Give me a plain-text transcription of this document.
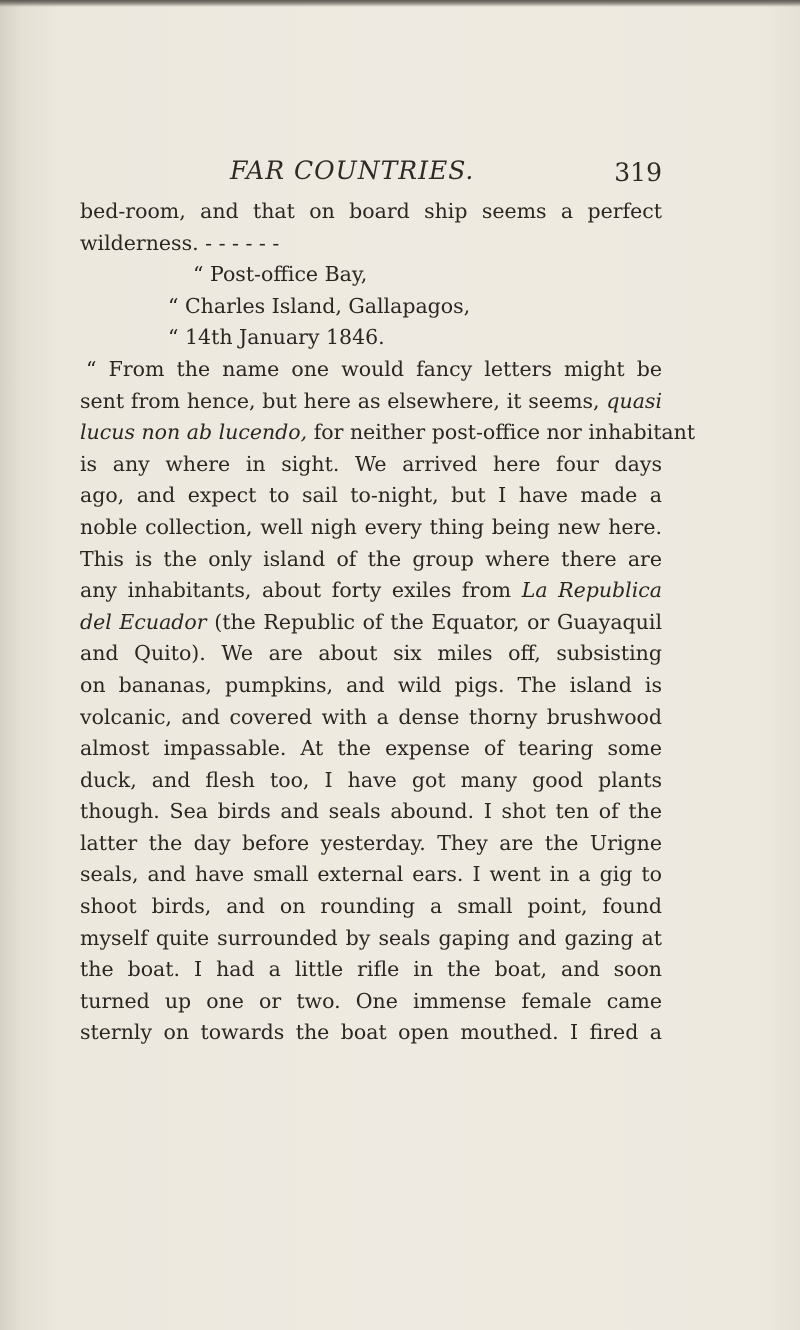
FAR COUNTRIES.	319
bed-room, and that on board ship seems a perfect
wilderness. - - - - - -
“ Post-office Bay,
“ Charles Island, Gallapagos,
“ 14th January 1846.
“ From the name one would fancy letters might be
sent from hence, but here as elsewhere, it seems, quasi
lucus non ab lucendo, for neither post-office nor inhabitant
is any where in sight. We arrived here four days
ago, and expect to sail to-night, but I have made a
noble collection, well nigh every thing being new here.
This is the only island of the group where there are
any inhabitants, about forty exiles from La Republica
del Ecuador (the Republic of the Equator, or Guayaquil
and Quito). We are about six miles off, subsisting
on bananas, pumpkins, and wild pigs. The island is
volcanic, and covered with a dense thorny brushwood
almost impassable. At the expense of tearing some
duck, and flesh too, I have got many good plants
though. Sea birds and seals abound. I shot ten of the
latter the day before yesterday. They are the Urigne
seals, and have small external ears. I went in a gig to
shoot birds, and on rounding a small point, found
myself quite surrounded by seals gaping and gazing at
the boat. I had a little rifle in the boat, and soon
turned up one or two. One immense female came
sternly on towards the boat open mouthed. I fired a
